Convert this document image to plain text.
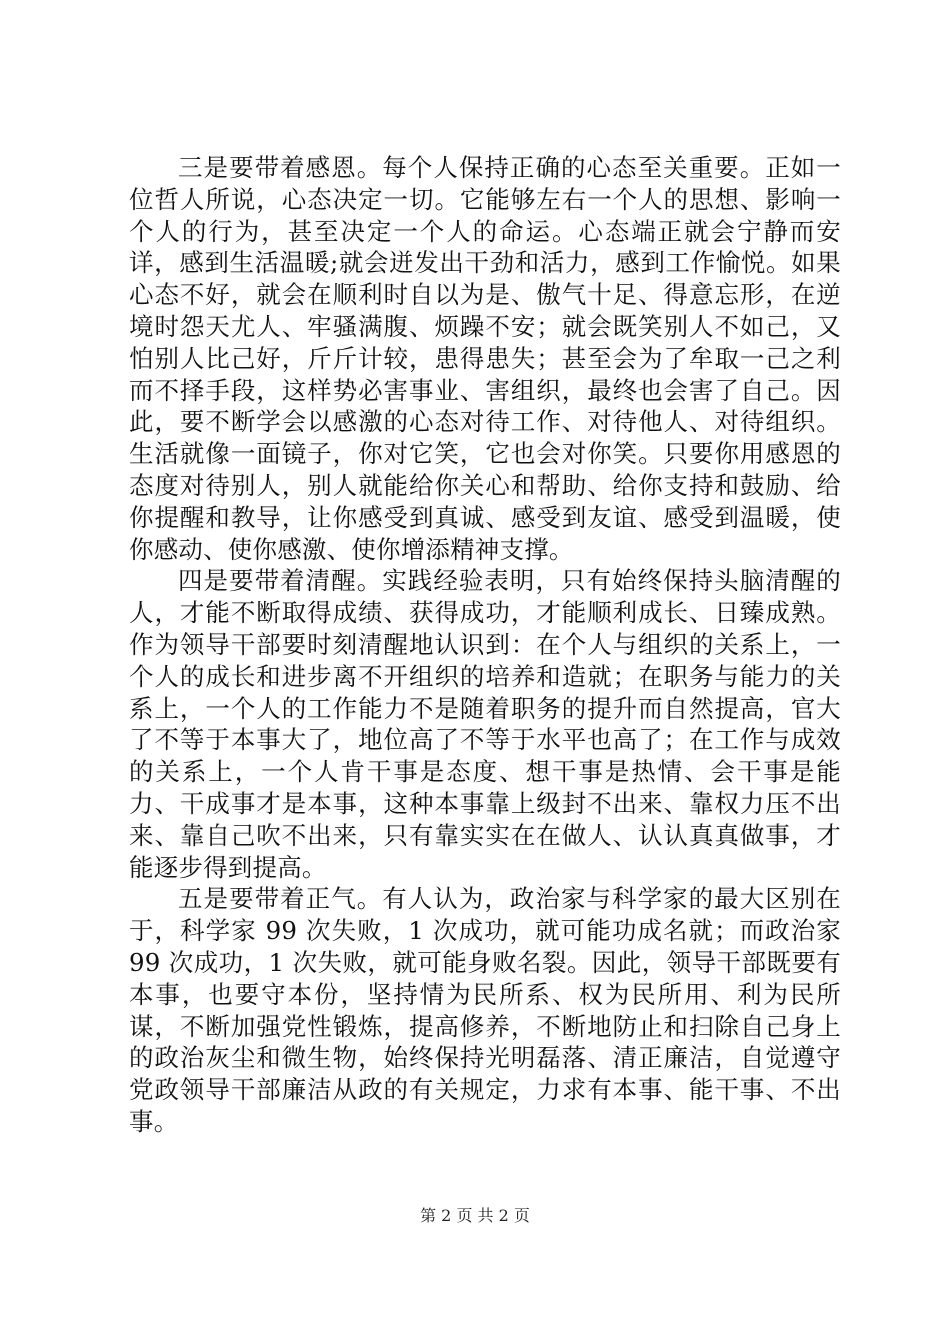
三是要带着感恩。每个人保持正确的心态至关重要。正如一位哲人所说，心态决定一切。它能够左右一个人的思想、影响一个人的行为，甚至决定一个人的命运。心态端正就会宁静而安详，感到生活温暖;就会迸发出干劲和活力，感到工作愉悦。如果心态不好，就会在顺利时自以为是、傲气十足、得意忘形，在逆境时怨天尤人、牢骚满腹、烦躁不安；就会既笑别人不如己，又怕别人比己好，斤斤计较，患得患失；甚至会为了牟取一己之利而不择手段，这样势必害事业、害组织，最终也会害了自己。因此，要不断学会以感激的心态对待工作、对待他人、对待组织。生活就像一面镜子，你对它笑，它也会对你笑。只要你用感恩的态度对待别人，别人就能给你关心和帮助、给你支持和鼓励、给你提醒和教导，让你感受到真诚、感受到友谊、感受到温暖，使你感动、使你感激、使你增添精神支撑。

四是要带着清醒。实践经验表明，只有始终保持头脑清醒的人，才能不断取得成绩、获得成功，才能顺利成长、日臻成熟。作为领导干部要时刻清醒地认识到：在个人与组织的关系上，一个人的成长和进步离不开组织的培养和造就；在职务与能力的关系上，一个人的工作能力不是随着职务的提升而自然提高，官大了不等于本事大了，地位高了不等于水平也高了；在工作与成效的关系上，一个人肯干事是态度、想干事是热情、会干事是能力、干成事才是本事，这种本事靠上级封不出来、靠权力压不出来、靠自己吹不出来，只有靠实实在在做人、认认真真做事，才能逐步得到提高。

五是要带着正气。有人认为，政治家与科学家的最大区别在于，科学家 99 次失败，1 次成功，就可能功成名就；而政治家 99 次成功，1 次失败，就可能身败名裂。因此，领导干部既要有本事，也要守本份，坚持情为民所系、权为民所用、利为民所谋，不断加强党性锻炼，提高修养，不断地防止和扫除自己身上的政治灰尘和微生物，始终保持光明磊落、清正廉洁，自觉遵守党政领导干部廉洁从政的有关规定，力求有本事、能干事、不出事。

第 2 页 共 2 页
